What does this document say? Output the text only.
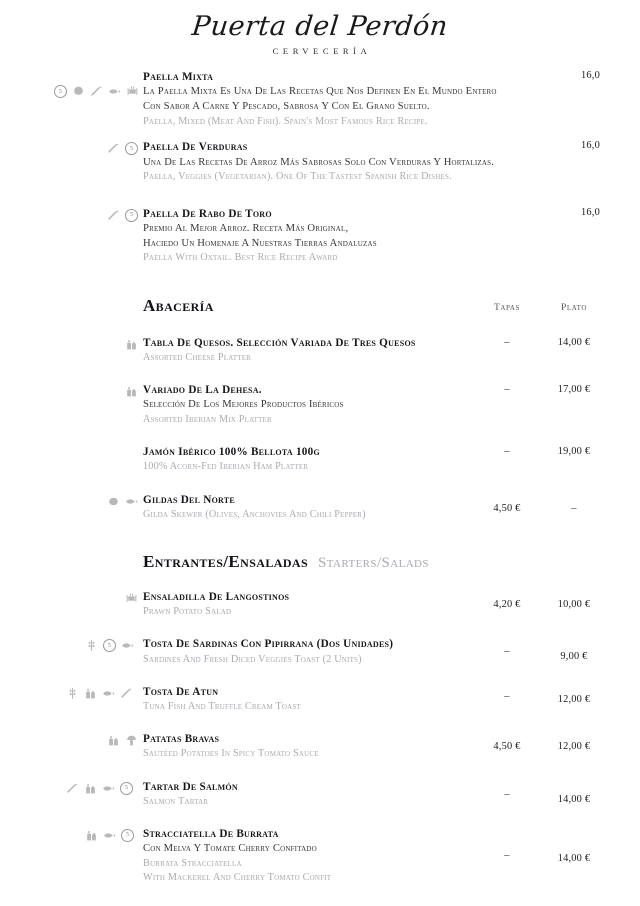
Puerta del Perdón
CERVECERÍA
5
Paella Mixta
La Paella Mixta Es Una De Las Recetas Que Nos Definen En El Mundo Entero
Con Sabor A Carne Y Pescado, Sabrosa Y Con El Grano Suelto.
Paella, Mixed (Meat And Fish). Spain's Most Famous Rice Recipe.
16,0
5 Paella De Verduras
Una De Las Recetas De Arroz Más Sabrosas Solo Con Verduras Y Hortalizas.
Paella, Veggies (Vegetarian). One Of The Tastest Spanish Rice Dishes.
16,0
5 Paella De Rabo De Toro
Premio Al Mejor Arroz. Receta Más Original,
Haciedo Un Homenaje A Nuestras Tierras Andaluzas
Paella With Oxtail. Best Rice Recipe Award
16,0
Abacería	Tapas	Plato
Tabla De Quesos. Selección Variada De Tres Quesos
Assorted Cheese Platter
–	14,00 €
Variado De La Dehesa.
Selección De Los Mejores Productos Ibéricos
Assorted Iberian Mix Platter
–	17,00 €
Jamón Ibérico 100% Bellota 100g
100% Acorn-Fed Iberian Ham Platter
–	19,00 €
Gildas Del Norte
Gilda Skewer (Olives, Anchovies And Chili Pepper)
4,50 €	–
Entrantes/Ensaladas Starters/Salads
Ensaladilla De Langostinos
Prawn Potato Salad
4,20 €	10,00 €
5	Tosta De Sardinas Con Pipirrana (Dos Unidades)
Sardines And Fresh Diced Veggies Toast (2 Units)
–	9,00 €
Tosta De Atun
Tuna Fish And Truffle Cream Toast
–	12,00 €
Patatas Bravas
Sautéed Potatoes In Spicy Tomato Sauce
4,50 €	12,00 €
5	Tartar De Salmón
Salmon Tartar
–	14,00 €
5	Stracciatella De Burrata
Con Melva Y Tomate Cherry Confitado
Burrata Stracciatella
With Mackerel And Cherry Tomato Confit
–	14,00 €
